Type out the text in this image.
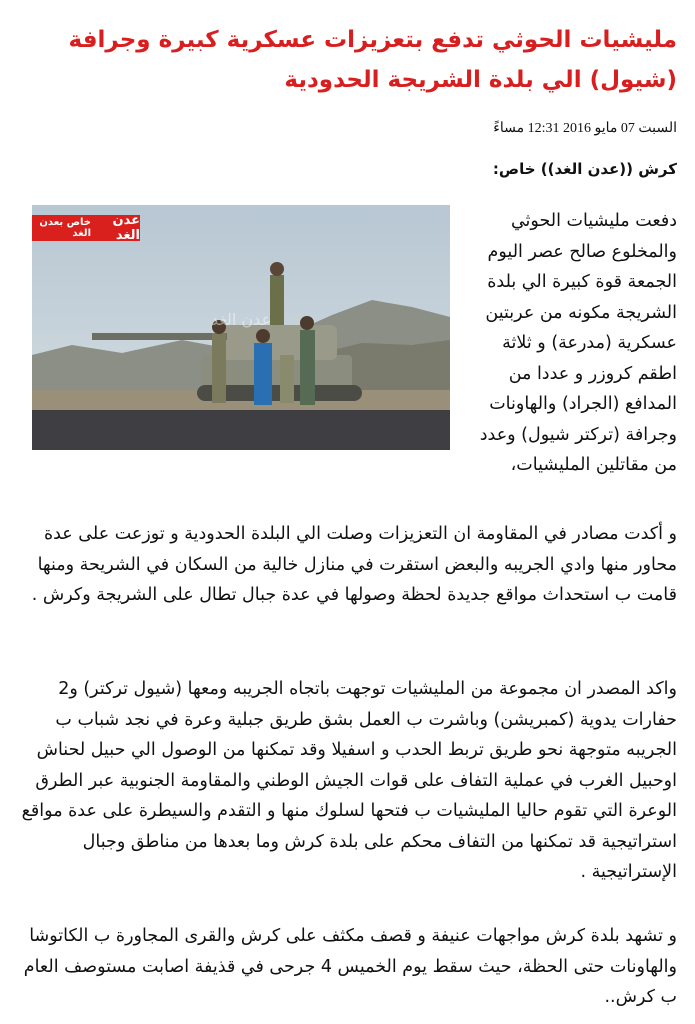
مليشيات الحوثي تدفع بتعزيزات عسكرية كبيرة وجرافة (شيول) الي بلدة الشريجة الحدودية
السبت 07 مايو 2016 12:31 مساءً
كرش ((عدن الغد)) خاص:
عدن الغد
عدن الغد
خاص بعدن الغد

دفعت مليشيات الحوثي والمخلوع صالح عصر اليوم الجمعة قوة كبيرة الي بلدة الشريجة مكونه من عربتين عسكرية (مدرعة) و ثلاثة اطقم كروزر و عددا من المدافع (الجراد) والهاونات وجرافة (تركتر شيول) وعدد من مقاتلين المليشيات،

و أكدت مصادر في المقاومة ان التعزيزات وصلت الي البلدة الحدودية و توزعت على عدة محاور منها وادي الجريبه والبعض استقرت في منازل خالية من السكان في الشريحة ومنها قامت ب استحداث مواقع جديدة لحظة وصولها في عدة جبال تطال على الشريجة وكرش .

واكد المصدر ان مجموعة من المليشيات توجهت باتجاه الجريبه ومعها (شيول تركتر) و2 حفارات يدوية (كمبريشن) وباشرت ب العمل بشق طريق جبلية وعرة في نجد شباب ب الجريبه متوجهة نحو طريق تربط الحدب و اسفيلا وقد تمكنها من الوصول الي حبيل لحناش اوحبيل الغرب في عملية التفاف على قوات الجيش الوطني والمقاومة الجنوبية عبر الطرق الوعرة التي تقوم حاليا المليشيات ب فتحها لسلوك منها و التقدم والسيطرة على عدة مواقع استراتيجية قد تمكنها من التفاف محكم على بلدة كرش وما بعدها من مناطق وجبال الإستراتيجية .

و تشهد بلدة كرش مواجهات عنيفة و قصف مكثف على كرش والقرى المجاورة ب الكاتوشا والهاونات حتى الحظة، حيث سقط يوم الخميس 4 جرحى في قذيفة اصابت مستوصف العام ب كرش..
